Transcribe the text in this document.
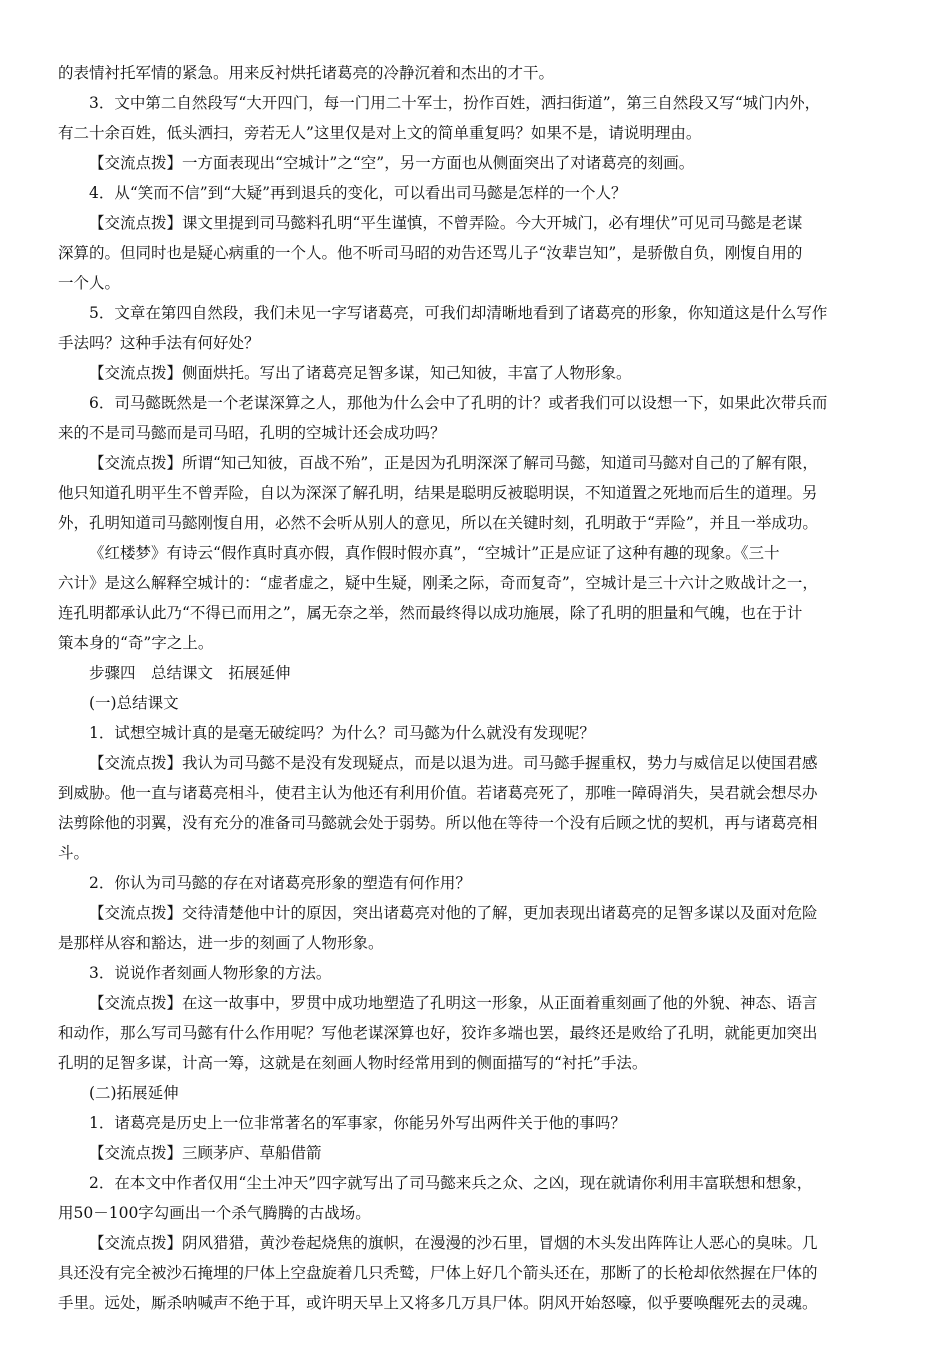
的表情衬托军情的紧急。用来反衬烘托诸葛亮的冷静沉着和杰出的才干。
3．文中第二自然段写“大开四门，每一门用二十军士，扮作百姓，洒扫街道”，第三自然段又写“城门内外，
有二十余百姓，低头洒扫，旁若无人”这里仅是对上文的简单重复吗？如果不是，请说明理由。
【交流点拨】一方面表现出“空城计”之“空”，另一方面也从侧面突出了对诸葛亮的刻画。
4．从“笑而不信”到“大疑”再到退兵的变化，可以看出司马懿是怎样的一个人？
【交流点拨】课文里提到司马懿料孔明“平生谨慎，不曾弄险。今大开城门，必有埋伏”可见司马懿是老谋
深算的。但同时也是疑心病重的一个人。他不听司马昭的劝告还骂儿子“汝辈岂知”，是骄傲自负，刚愎自用的
一个人。
5．文章在第四自然段，我们未见一字写诸葛亮，可我们却清晰地看到了诸葛亮的形象，你知道这是什么写作
手法吗？这种手法有何好处？
【交流点拨】侧面烘托。写出了诸葛亮足智多谋，知己知彼，丰富了人物形象。
6．司马懿既然是一个老谋深算之人，那他为什么会中了孔明的计？或者我们可以设想一下，如果此次带兵而
来的不是司马懿而是司马昭，孔明的空城计还会成功吗？
【交流点拨】所谓“知己知彼，百战不殆”，正是因为孔明深深了解司马懿，知道司马懿对自己的了解有限，
他只知道孔明平生不曾弄险，自以为深深了解孔明，结果是聪明反被聪明误，不知道置之死地而后生的道理。另
外，孔明知道司马懿刚愎自用，必然不会听从别人的意见，所以在关键时刻，孔明敢于“弄险”，并且一举成功。
《红楼梦》有诗云“假作真时真亦假，真作假时假亦真”，“空城计”正是应证了这种有趣的现象。《三十
六计》是这么解释空城计的：“虚者虚之，疑中生疑，刚柔之际，奇而复奇”，空城计是三十六计之败战计之一，
连孔明都承认此乃“不得已而用之”，属无奈之举，然而最终得以成功施展，除了孔明的胆量和气魄，也在于计
策本身的“奇”字之上。
步骤四　总结课文　拓展延伸
(一)总结课文
1．试想空城计真的是毫无破绽吗？为什么？司马懿为什么就没有发现呢？
【交流点拨】我认为司马懿不是没有发现疑点，而是以退为进。司马懿手握重权，势力与威信足以使国君感
到威胁。他一直与诸葛亮相斗，使君主认为他还有利用价值。若诸葛亮死了，那唯一障碍消失，吴君就会想尽办
法剪除他的羽翼，没有充分的准备司马懿就会处于弱势。所以他在等待一个没有后顾之忧的契机，再与诸葛亮相
斗。
2．你认为司马懿的存在对诸葛亮形象的塑造有何作用？
【交流点拨】交待清楚他中计的原因，突出诸葛亮对他的了解，更加表现出诸葛亮的足智多谋以及面对危险
是那样从容和豁达，进一步的刻画了人物形象。
3．说说作者刻画人物形象的方法。
【交流点拨】在这一故事中，罗贯中成功地塑造了孔明这一形象，从正面着重刻画了他的外貌、神态、语言
和动作，那么写司马懿有什么作用呢？写他老谋深算也好，狡诈多端也罢，最终还是败给了孔明，就能更加突出
孔明的足智多谋，计高一筹，这就是在刻画人物时经常用到的侧面描写的“衬托”手法。
(二)拓展延伸
1．诸葛亮是历史上一位非常著名的军事家，你能另外写出两件关于他的事吗？
【交流点拨】三顾茅庐、草船借箭
2．在本文中作者仅用“尘土冲天”四字就写出了司马懿来兵之众、之凶，现在就请你利用丰富联想和想象，
用50－100字勾画出一个杀气腾腾的古战场。
【交流点拨】阴风猎猎，黄沙卷起烧焦的旗帜，在漫漫的沙石里，冒烟的木头发出阵阵让人恶心的臭味。几
具还没有完全被沙石掩埋的尸体上空盘旋着几只秃鹫，尸体上好几个箭头还在，那断了的长枪却依然握在尸体的
手里。远处，厮杀呐喊声不绝于耳，或许明天早上又将多几万具尸体。阴风开始怒嚎，似乎要唤醒死去的灵魂。
